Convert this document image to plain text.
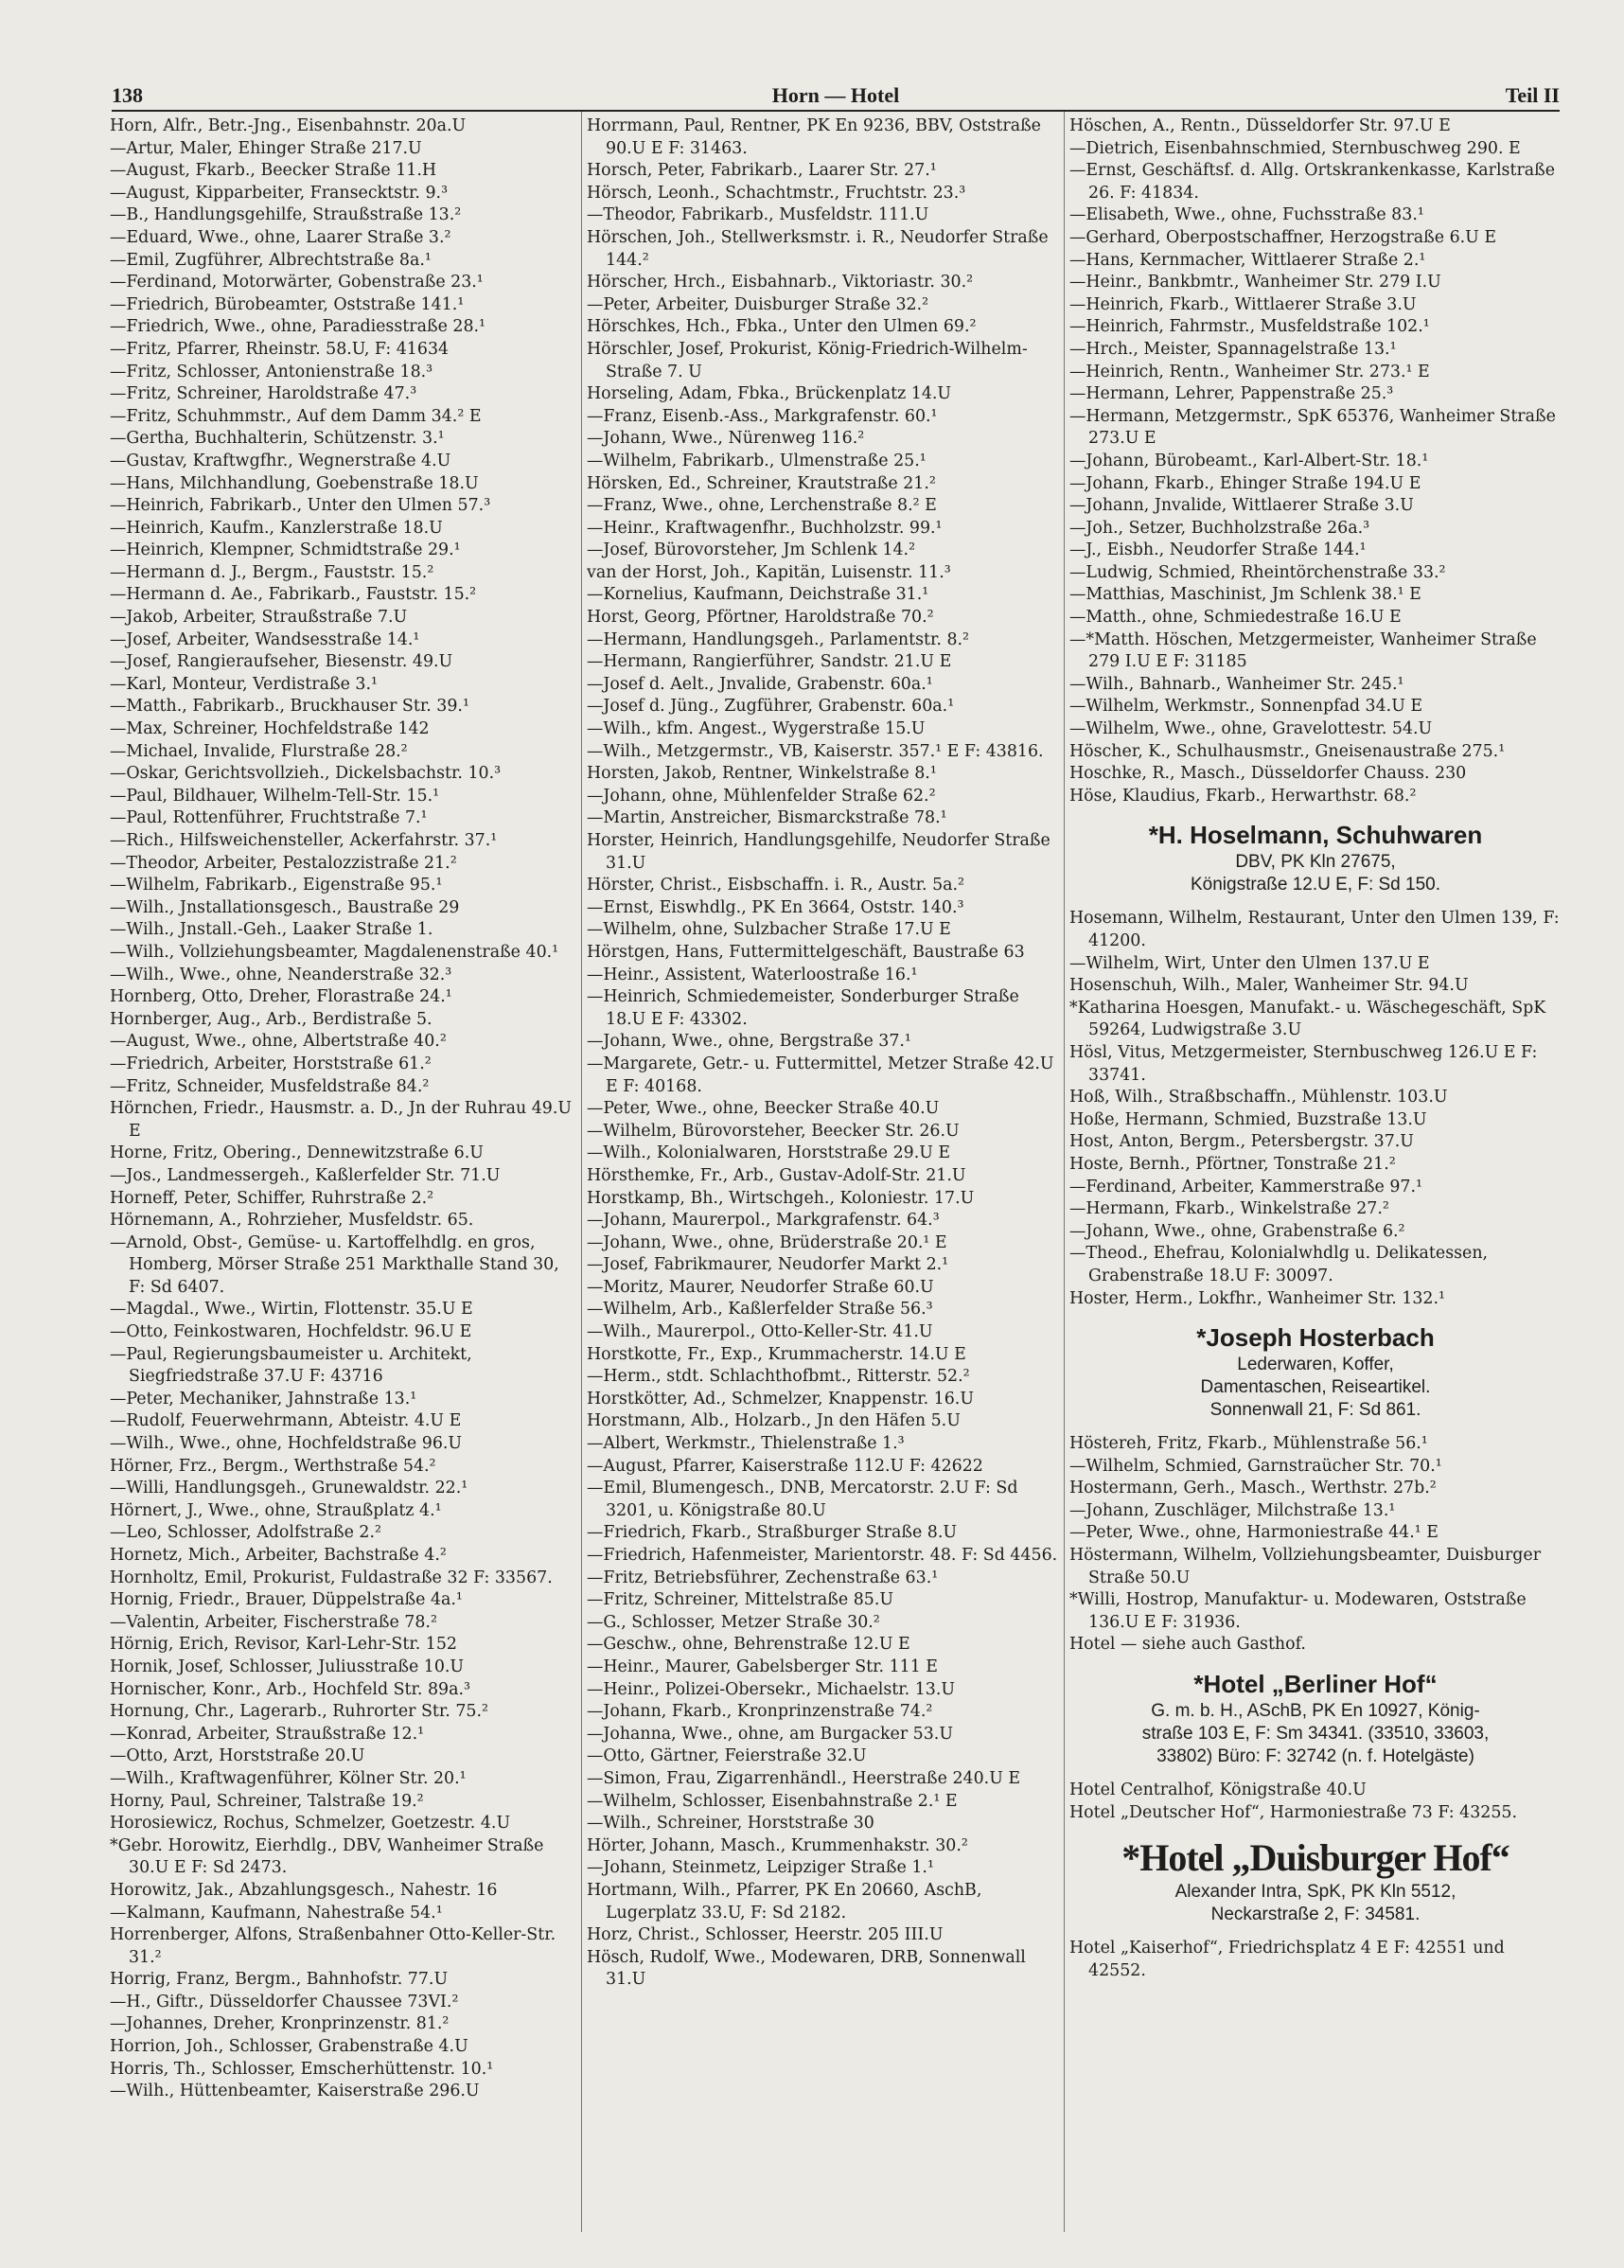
138	Horn — Hotel	Teil II

Horn, Alfr., Betr.-Jng., Eisenbahnstr. 20a.U

—Artur, Maler, Ehinger Straße 217.U

—August, Fkarb., Beecker Straße 11.H

—August, Kipparbeiter, Fransecktstr. 9.³

—B., Handlungsgehilfe, Straußstraße 13.²

—Eduard, Wwe., ohne, Laarer Straße 3.²

—Emil, Zugführer, Albrechtstraße 8a.¹

—Ferdinand, Motorwärter, Gobenstraße 23.¹

—Friedrich, Bürobeamter, Oststraße 141.¹

—Friedrich, Wwe., ohne, Paradiesstraße 28.¹

—Fritz, Pfarrer, Rheinstr. 58.U, F: 41634

—Fritz, Schlosser, Antonienstraße 18.³

—Fritz, Schreiner, Haroldstraße 47.³

—Fritz, Schuhmmstr., Auf dem Damm 34.² E

—Gertha, Buchhalterin, Schützenstr. 3.¹

—Gustav, Kraftwgfhr., Wegnerstraße 4.U

—Hans, Milchhandlung, Goebenstraße 18.U

—Heinrich, Fabrikarb., Unter den Ulmen 57.³

—Heinrich, Kaufm., Kanzlerstraße 18.U

—Heinrich, Klempner, Schmidtstraße 29.¹

—Hermann d. J., Bergm., Fauststr. 15.²

—Hermann d. Ae., Fabrikarb., Fauststr. 15.²

—Jakob, Arbeiter, Straußstraße 7.U

—Josef, Arbeiter, Wandsesstraße 14.¹

—Josef, Rangieraufseher, Biesenstr. 49.U

—Karl, Monteur, Verdistraße 3.¹

—Matth., Fabrikarb., Bruckhauser Str. 39.¹

—Max, Schreiner, Hochfeldstraße 142

—Michael, Invalide, Flurstraße 28.²

—Oskar, Gerichtsvollzieh., Dickelsbachstr. 10.³

—Paul, Bildhauer, Wilhelm-Tell-Str. 15.¹

—Paul, Rottenführer, Fruchtstraße 7.¹

—Rich., Hilfsweichensteller, Ackerfahrstr. 37.¹

—Theodor, Arbeiter, Pestalozzistraße 21.²

—Wilhelm, Fabrikarb., Eigenstraße 95.¹

—Wilh., Jnstallationsgesch., Baustraße 29

—Wilh., Jnstall.-Geh., Laaker Straße 1.

—Wilh., Vollziehungsbeamter, Magdalenenstraße 40.¹

—Wilh., Wwe., ohne, Neanderstraße 32.³

Hornberg, Otto, Dreher, Florastraße 24.¹

Hornberger, Aug., Arb., Berdistraße 5.

—August, Wwe., ohne, Albertstraße 40.²

—Friedrich, Arbeiter, Horststraße 61.²

—Fritz, Schneider, Musfeldstraße 84.²

Hörnchen, Friedr., Hausmstr. a. D., Jn der Ruhrau 49.U E

Horne, Fritz, Obering., Dennewitzstraße 6.U

—Jos., Landmessergeh., Kaßlerfelder Str. 71.U

Horneff, Peter, Schiffer, Ruhrstraße 2.²

Hörnemann, A., Rohrzieher, Musfeldstr. 65.

—Arnold, Obst-, Gemüse- u. Kartoffelhdlg. en gros, Homberg, Mörser Straße 251 Markthalle Stand 30, F: Sd 6407.

—Magdal., Wwe., Wirtin, Flottenstr. 35.U E

—Otto, Feinkostwaren, Hochfeldstr. 96.U E

—Paul, Regierungsbaumeister u. Architekt, Siegfriedstraße 37.U F: 43716

—Peter, Mechaniker, Jahnstraße 13.¹

—Rudolf, Feuerwehrmann, Abteistr. 4.U E

—Wilh., Wwe., ohne, Hochfeldstraße 96.U

Hörner, Frz., Bergm., Werthstraße 54.²

—Willi, Handlungsgeh., Grunewaldstr. 22.¹

Hörnert, J., Wwe., ohne, Straußplatz 4.¹

—Leo, Schlosser, Adolfstraße 2.²

Hornetz, Mich., Arbeiter, Bachstraße 4.²

Hornholtz, Emil, Prokurist, Fuldastraße 32 F: 33567.

Hornig, Friedr., Brauer, Düppelstraße 4a.¹

—Valentin, Arbeiter, Fischerstraße 78.²

Hörnig, Erich, Revisor, Karl-Lehr-Str. 152

Hornik, Josef, Schlosser, Juliusstraße 10.U

Hornischer, Konr., Arb., Hochfeld Str. 89a.³

Hornung, Chr., Lagerarb., Ruhrorter Str. 75.²

—Konrad, Arbeiter, Straußstraße 12.¹

—Otto, Arzt, Horststraße 20.U

—Wilh., Kraftwagenführer, Kölner Str. 20.¹

Horny, Paul, Schreiner, Talstraße 19.²

Horosiewicz, Rochus, Schmelzer, Goetzestr. 4.U

*Gebr. Horowitz, Eierhdlg., DBV, Wanheimer Straße 30.U E F: Sd 2473.

Horowitz, Jak., Abzahlungsgesch., Nahestr. 16

—Kalmann, Kaufmann, Nahestraße 54.¹

Horrenberger, Alfons, Straßenbahner Otto-Keller-Str. 31.²

Horrig, Franz, Bergm., Bahnhofstr. 77.U

—H., Giftr., Düsseldorfer Chaussee 73VI.²

—Johannes, Dreher, Kronprinzenstr. 81.²

Horrion, Joh., Schlosser, Grabenstraße 4.U

Horris, Th., Schlosser, Emscherhüttenstr. 10.¹

—Wilh., Hüttenbeamter, Kaiserstraße 296.U

Horrmann, Paul, Rentner, PK En 9236, BBV, Oststraße 90.U E F: 31463.

Horsch, Peter, Fabrikarb., Laarer Str. 27.¹

Hörsch, Leonh., Schachtmstr., Fruchtstr. 23.³

—Theodor, Fabrikarb., Musfeldstr. 111.U

Hörschen, Joh., Stellwerksmstr. i. R., Neudorfer Straße 144.²

Hörscher, Hrch., Eisbahnarb., Viktoriastr. 30.²

—Peter, Arbeiter, Duisburger Straße 32.²

Hörschkes, Hch., Fbka., Unter den Ulmen 69.²

Hörschler, Josef, Prokurist, König-Friedrich-Wilhelm-Straße 7. U

Horseling, Adam, Fbka., Brückenplatz 14.U

—Franz, Eisenb.-Ass., Markgrafenstr. 60.¹

—Johann, Wwe., Nürenweg 116.²

—Wilhelm, Fabrikarb., Ulmenstraße 25.¹

Hörsken, Ed., Schreiner, Krautstraße 21.²

—Franz, Wwe., ohne, Lerchenstraße 8.² E

—Heinr., Kraftwagenfhr., Buchholzstr. 99.¹

—Josef, Bürovorsteher, Jm Schlenk 14.²

van der Horst, Joh., Kapitän, Luisenstr. 11.³

—Kornelius, Kaufmann, Deichstraße 31.¹

Horst, Georg, Pförtner, Haroldstraße 70.²

—Hermann, Handlungsgeh., Parlamentstr. 8.²

—Hermann, Rangierführer, Sandstr. 21.U E

—Josef d. Aelt., Jnvalide, Grabenstr. 60a.¹

—Josef d. Jüng., Zugführer, Grabenstr. 60a.¹

—Wilh., kfm. Angest., Wygerstraße 15.U

—Wilh., Metzgermstr., VB, Kaiserstr. 357.¹ E F: 43816.

Horsten, Jakob, Rentner, Winkelstraße 8.¹

—Johann, ohne, Mühlenfelder Straße 62.²

—Martin, Anstreicher, Bismarckstraße 78.¹

Horster, Heinrich, Handlungsgehilfe, Neudorfer Straße 31.U

Hörster, Christ., Eisbschaffn. i. R., Austr. 5a.²

—Ernst, Eiswhdlg., PK En 3664, Oststr. 140.³

—Wilhelm, ohne, Sulzbacher Straße 17.U E

Hörstgen, Hans, Futtermittelgeschäft, Baustraße 63

—Heinr., Assistent, Waterloostraße 16.¹

—Heinrich, Schmiedemeister, Sonderburger Straße 18.U E F: 43302.

—Johann, Wwe., ohne, Bergstraße 37.¹

—Margarete, Getr.- u. Futtermittel, Metzer Straße 42.U E F: 40168.

—Peter, Wwe., ohne, Beecker Straße 40.U

—Wilhelm, Bürovorsteher, Beecker Str. 26.U

—Wilh., Kolonialwaren, Horststraße 29.U E

Hörsthemke, Fr., Arb., Gustav-Adolf-Str. 21.U

Horstkamp, Bh., Wirtschgeh., Koloniestr. 17.U

—Johann, Maurerpol., Markgrafenstr. 64.³

—Johann, Wwe., ohne, Brüderstraße 20.¹ E

—Josef, Fabrikmaurer, Neudorfer Markt 2.¹

—Moritz, Maurer, Neudorfer Straße 60.U

—Wilhelm, Arb., Kaßlerfelder Straße 56.³

—Wilh., Maurerpol., Otto-Keller-Str. 41.U

Horstkotte, Fr., Exp., Krummacherstr. 14.U E

—Herm., stdt. Schlachthofbmt., Ritterstr. 52.²

Horstkötter, Ad., Schmelzer, Knappenstr. 16.U

Horstmann, Alb., Holzarb., Jn den Häfen 5.U

—Albert, Werkmstr., Thielenstraße 1.³

—August, Pfarrer, Kaiserstraße 112.U F: 42622

—Emil, Blumengesch., DNB, Mercatorstr. 2.U F: Sd 3201, u. Königstraße 80.U

—Friedrich, Fkarb., Straßburger Straße 8.U

—Friedrich, Hafenmeister, Marientorstr. 48. F: Sd 4456.

—Fritz, Betriebsführer, Zechenstraße 63.¹

—Fritz, Schreiner, Mittelstraße 85.U

—G., Schlosser, Metzer Straße 30.²

—Geschw., ohne, Behrenstraße 12.U E

—Heinr., Maurer, Gabelsberger Str. 111 E

—Heinr., Polizei-Obersekr., Michaelstr. 13.U

—Johann, Fkarb., Kronprinzenstraße 74.²

—Johanna, Wwe., ohne, am Burgacker 53.U

—Otto, Gärtner, Feierstraße 32.U

—Simon, Frau, Zigarrenhändl., Heerstraße 240.U E

—Wilhelm, Schlosser, Eisenbahnstraße 2.¹ E

—Wilh., Schreiner, Horststraße 30

Hörter, Johann, Masch., Krummenhakstr. 30.²

—Johann, Steinmetz, Leipziger Straße 1.¹

Hortmann, Wilh., Pfarrer, PK En 20660, AschB, Lugerplatz 33.U, F: Sd 2182.

Horz, Christ., Schlosser, Heerstr. 205 III.U

Hösch, Rudolf, Wwe., Modewaren, DRB, Sonnenwall 31.U

Höschen, A., Rentn., Düsseldorfer Str. 97.U E

—Dietrich, Eisenbahnschmied, Sternbuschweg 290. E

—Ernst, Geschäftsf. d. Allg. Ortskrankenkasse, Karlstraße 26. F: 41834.

—Elisabeth, Wwe., ohne, Fuchsstraße 83.¹

—Gerhard, Oberpostschaffner, Herzogstraße 6.U E

—Hans, Kernmacher, Wittlaerer Straße 2.¹

—Heinr., Bankbmtr., Wanheimer Str. 279 I.U

—Heinrich, Fkarb., Wittlaerer Straße 3.U

—Heinrich, Fahrmstr., Musfeldstraße 102.¹

—Hrch., Meister, Spannagelstraße 13.¹

—Heinrich, Rentn., Wanheimer Str. 273.¹ E

—Hermann, Lehrer, Pappenstraße 25.³

—Hermann, Metzgermstr., SpK 65376, Wanheimer Straße 273.U E

—Johann, Bürobeamt., Karl-Albert-Str. 18.¹

—Johann, Fkarb., Ehinger Straße 194.U E

—Johann, Jnvalide, Wittlaerer Straße 3.U

—Joh., Setzer, Buchholzstraße 26a.³

—J., Eisbh., Neudorfer Straße 144.¹

—Ludwig, Schmied, Rheintörchenstraße 33.²

—Matthias, Maschinist, Jm Schlenk 38.¹ E

—Matth., ohne, Schmiedestraße 16.U E

—*Matth. Höschen, Metzgermeister, Wanheimer Straße 279 I.U E F: 31185

—Wilh., Bahnarb., Wanheimer Str. 245.¹

—Wilhelm, Werkmstr., Sonnenpfad 34.U E

—Wilhelm, Wwe., ohne, Gravelottestr. 54.U

Höscher, K., Schulhausmstr., Gneisenaustraße 275.¹

Hoschke, R., Masch., Düsseldorfer Chauss. 230

Höse, Klaudius, Fkarb., Herwarthstr. 68.²

*H. Hoselmann, Schuhwaren
DBV, PK Kln 27675,
Königstraße 12.U E, F: Sd 150.

Hosemann, Wilhelm, Restaurant, Unter den Ulmen 139, F: 41200.

—Wilhelm, Wirt, Unter den Ulmen 137.U E

Hosenschuh, Wilh., Maler, Wanheimer Str. 94.U

*Katharina Hoesgen, Manufakt.- u. Wäschegeschäft, SpK 59264, Ludwigstraße 3.U

Hösl, Vitus, Metzgermeister, Sternbuschweg 126.U E F: 33741.

Hoß, Wilh., Straßbschaffn., Mühlenstr. 103.U

Hoße, Hermann, Schmied, Buzstraße 13.U

Host, Anton, Bergm., Petersbergstr. 37.U

Hoste, Bernh., Pförtner, Tonstraße 21.²

—Ferdinand, Arbeiter, Kammerstraße 97.¹

—Hermann, Fkarb., Winkelstraße 27.²

—Johann, Wwe., ohne, Grabenstraße 6.²

—Theod., Ehefrau, Kolonialwhdlg u. Delikatessen, Grabenstraße 18.U F: 30097.

Hoster, Herm., Lokfhr., Wanheimer Str. 132.¹

*Joseph Hosterbach
Lederwaren, Koffer,
Damentaschen, Reiseartikel.
Sonnenwall 21, F: Sd 861.

Höstereh, Fritz, Fkarb., Mühlenstraße 56.¹

—Wilhelm, Schmied, Garnstraücher Str. 70.¹

Hostermann, Gerh., Masch., Werthstr. 27b.²

—Johann, Zuschläger, Milchstraße 13.¹

—Peter, Wwe., ohne, Harmoniestraße 44.¹ E

Höstermann, Wilhelm, Vollziehungsbeamter, Duisburger Straße 50.U

*Willi, Hostrop, Manufaktur- u. Modewaren, Oststraße 136.U E F: 31936.

Hotel — siehe auch Gasthof.

*Hotel „Berliner Hof“
G. m. b. H., ASchB, PK En 10927, König-
straße 103 E, F: Sm 34341. (33510, 33603,
33802) Büro: F: 32742 (n. f. Hotelgäste)

Hotel Centralhof, Königstraße 40.U

Hotel „Deutscher Hof“, Harmoniestraße 73 F: 43255.

*Hotel „Duisburger Hof“
Alexander Intra, SpK, PK Kln 5512,
Neckarstraße 2, F: 34581.

Hotel „Kaiserhof“, Friedrichsplatz 4 E F: 42551 und 42552.
